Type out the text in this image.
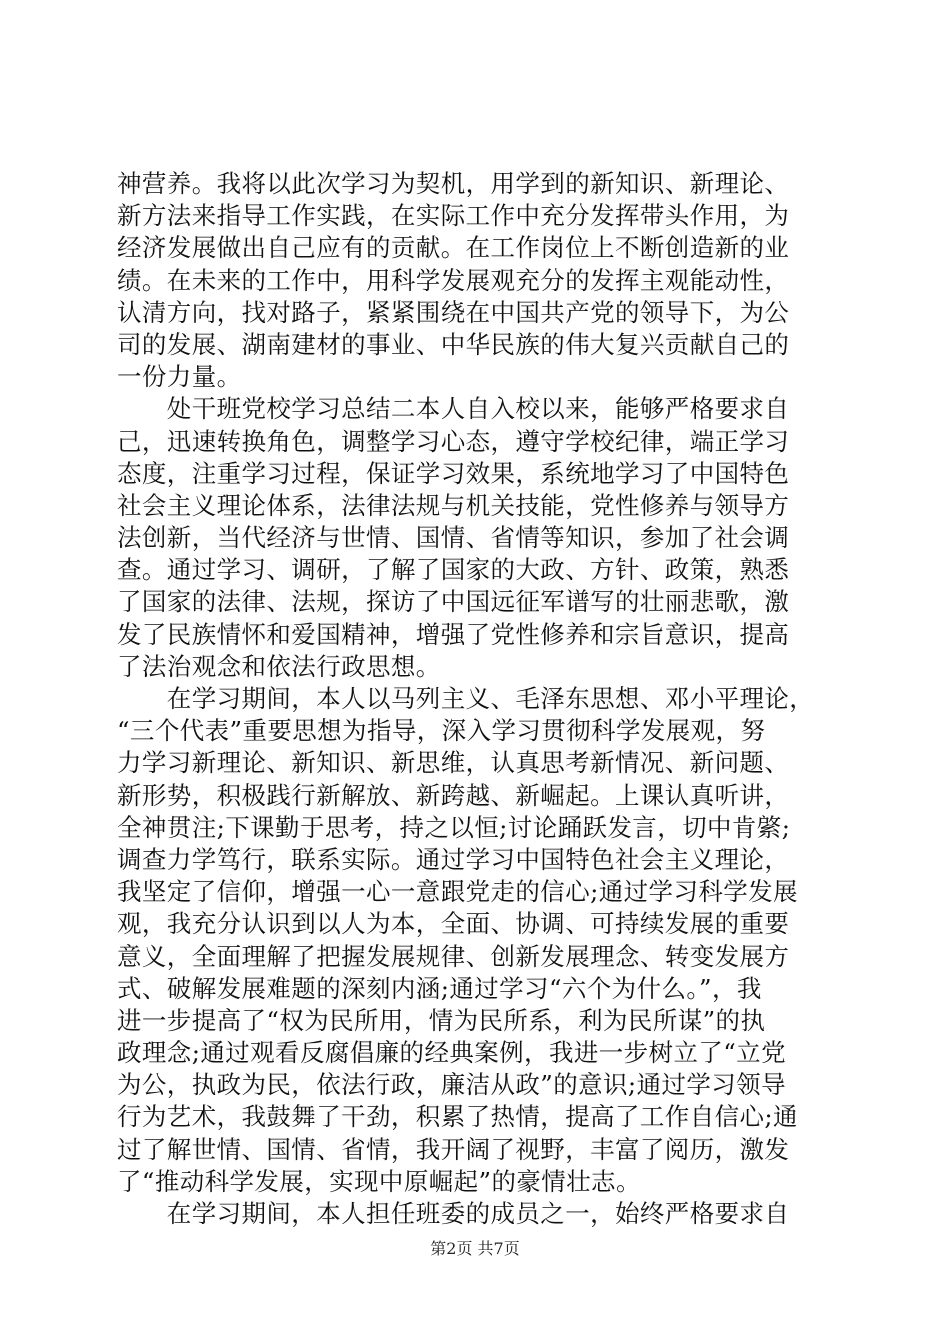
神营养。我将以此次学习为契机，用学到的新知识、新理论、
新方法来指导工作实践，在实际工作中充分发挥带头作用，为
经济发展做出自己应有的贡献。在工作岗位上不断创造新的业
绩。在未来的工作中，用科学发展观充分的发挥主观能动性，
认清方向，找对路子，紧紧围绕在中国共产党的领导下，为公
司的发展、湖南建材的事业、中华民族的伟大复兴贡献自己的
一份力量。
　　处干班党校学习总结二本人自入校以来，能够严格要求自
己，迅速转换角色，调整学习心态，遵守学校纪律，端正学习
态度，注重学习过程，保证学习效果，系统地学习了中国特色
社会主义理论体系，法律法规与机关技能，党性修养与领导方
法创新，当代经济与世情、国情、省情等知识，参加了社会调
查。通过学习、调研，了解了国家的大政、方针、政策，熟悉
了国家的法律、法规，探访了中国远征军谱写的壮丽悲歌，激
发了民族情怀和爱国精神，增强了党性修养和宗旨意识，提高
了法治观念和依法行政思想。
　　在学习期间，本人以马列主义、毛泽东思想、邓小平理论，
“三个代表”重要思想为指导，深入学习贯彻科学发展观，努
力学习新理论、新知识、新思维，认真思考新情况、新问题、
新形势，积极践行新解放、新跨越、新崛起。上课认真听讲，
全神贯注;下课勤于思考，持之以恒;讨论踊跃发言，切中肯綮;
调查力学笃行，联系实际。通过学习中国特色社会主义理论，
我坚定了信仰，增强一心一意跟党走的信心;通过学习科学发展
观，我充分认识到以人为本，全面、协调、可持续发展的重要
意义，全面理解了把握发展规律、创新发展理念、转变发展方
式、破解发展难题的深刻内涵;通过学习“六个为什么。”，我
进一步提高了“权为民所用，情为民所系，利为民所谋”的执
政理念;通过观看反腐倡廉的经典案例，我进一步树立了“立党
为公，执政为民，依法行政，廉洁从政”的意识;通过学习领导
行为艺术，我鼓舞了干劲，积累了热情，提高了工作自信心;通
过了解世情、国情、省情，我开阔了视野，丰富了阅历，激发
了“推动科学发展，实现中原崛起”的豪情壮志。
　　在学习期间，本人担任班委的成员之一，始终严格要求自
第2页 共7页
